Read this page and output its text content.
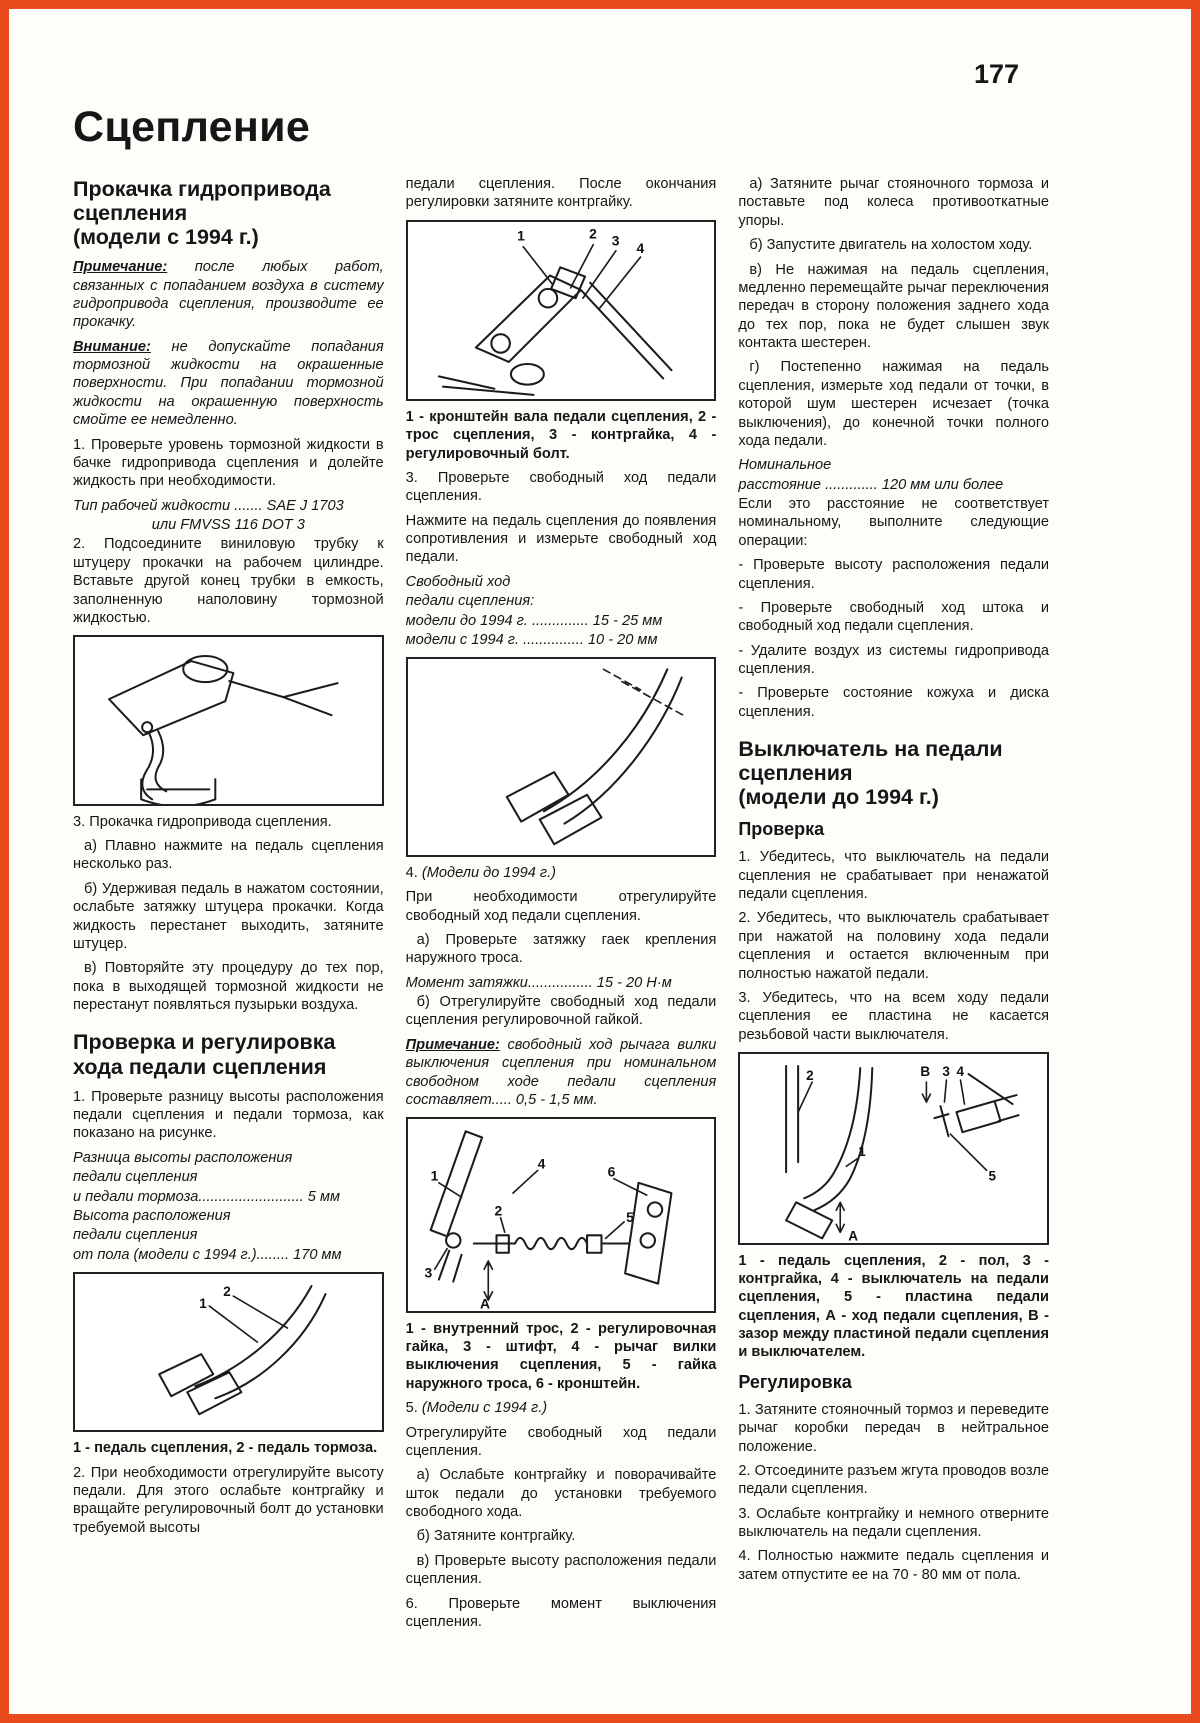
177
Сцепление
Прокачка гидропривода сцепления
(модели с 1994 г.)

Примечание: после любых работ, связанных с попаданием воздуха в систему гидропривода сцепления, производите ее прокачку.

Внимание: не допускайте попадания тормозной жидкости на окрашенные поверхности. При попадании тормозной жидкости на окрашенную поверхность смойте ее немедленно.

1. Проверьте уровень тормозной жидкости в бачке гидропривода сцепления и долейте жидкость при необходимости.

Тип рабочей жидкости ....... SAE J 1703

или FMVSS 116 DOT 3

2. Подсоедините виниловую трубку к штуцеру прокачки на рабочем цилиндре. Вставьте другой конец трубки в емкость, заполненную наполовину тормозной жидкостью.

3. Прокачка гидропривода сцепления.

а) Плавно нажмите на педаль сцепления несколько раз.

б) Удерживая педаль в нажатом состоянии, ослабьте затяжку штуцера прокачки. Когда жидкость перестанет выходить, затяните штуцер.

в) Повторяйте эту процедуру до тех пор, пока в выходящей тормозной жидкости не перестанут появляться пузырьки воздуха.

Проверка и регулировка хода педали сцепления

1. Проверьте разницу высоты расположения педали сцепления и педали тормоза, как показано на рисунке.

Разница высоты расположения

педали сцепления

и педали тормоза.......................... 5 мм

Высота расположения

педали сцепления

от пола (модели с 1994 г.)........ 170 мм

1
2

1 - педаль сцепления, 2 - педаль тормоза.

2. При необходимости отрегулируйте высоту педали. Для этого ослабьте контргайку и вращайте регулировочный болт до установки требуемой высоты

педали сцепления. После окончания регулировки затяните контргайку.

1	2 3 4

1 - кронштейн вала педали сцепления, 2 - трос сцепления, 3 - контргайка, 4 - регулировочный болт.

3. Проверьте свободный ход педали сцепления.

Нажмите на педаль сцепления до появления сопротивления и измерьте свободный ход педали.

Свободный ход

педали сцепления:

модели до 1994 г. .............. 15 - 25 мм

модели с 1994 г. ............... 10 - 20 мм

4. (Модели до 1994 г.)

При необходимости отрегулируйте свободный ход педали сцепления.

а) Проверьте затяжку гаек крепления наружного троса.

Момент затяжки................ 15 - 20 Н·м

б) Отрегулируйте свободный ход педали сцепления регулировочной гайкой.

Примечание: свободный ход рычага вилки выключения сцепления при номинальном свободном ходе педали сцепления составляет..... 0,5 - 1,5 мм.

1
2
3
4
5
6
А

1 - внутренний трос, 2 - регулировочная гайка, 3 - штифт, 4 - рычаг вилки выключения сцепления, 5 - гайка наружного троса, 6 - кронштейн.

5. (Модели с 1994 г.)

Отрегулируйте свободный ход педали сцепления.

а) Ослабьте контргайку и поворачивайте шток педали до установки требуемого свободного хода.

б) Затяните контргайку.

в) Проверьте высоту расположения педали сцепления.

6. Проверьте момент выключения сцепления.

а) Затяните рычаг стояночного тормоза и поставьте под колеса противооткатные упоры.

б) Запустите двигатель на холостом ходу.

в) Не нажимая на педаль сцепления, медленно перемещайте рычаг переключения передач в сторону положения заднего хода до тех пор, пока не будет слышен звук контакта шестерен.

г) Постепенно нажимая на педаль сцепления, измерьте ход педали от точки, в которой шум шестерен исчезает (точка выключения), до конечной точки полного хода педали.

Номинальное

расстояние ............. 120 мм или более

Если это расстояние не соответствует номинальному, выполните следующие операции:

- Проверьте высоту расположения педали сцепления.

- Проверьте свободный ход штока и свободный ход педали сцепления.

- Удалите воздух из системы гидропривода сцепления.

- Проверьте состояние кожуха и диска сцепления.

Выключатель на педали сцепления
(модели до 1994 г.)
Проверка

1. Убедитесь, что выключатель на педали сцепления не срабатывает при ненажатой педали сцепления.

2. Убедитесь, что выключатель срабатывает при нажатой на половину хода педали сцепления и остается включенным при полностью нажатой педали.

3. Убедитесь, что на всем ходу педали сцепления ее пластина не касается резьбовой части выключателя.

2	В 3 4
1
5
А

1 - педаль сцепления, 2 - пол, 3 - контргайка, 4 - выключатель на педали сцепления, 5 - пластина педали сцепления, А - ход педали сцепления, В - зазор между пластиной педали сцепления и выключателем.

Регулировка

1. Затяните стояночный тормоз и переведите рычаг коробки передач в нейтральное положение.

2. Отсоедините разъем жгута проводов возле педали сцепления.

3. Ослабьте контргайку и немного отверните выключатель на педали сцепления.

4. Полностью нажмите педаль сцепления и затем отпустите ее на 70 - 80 мм от пола.
